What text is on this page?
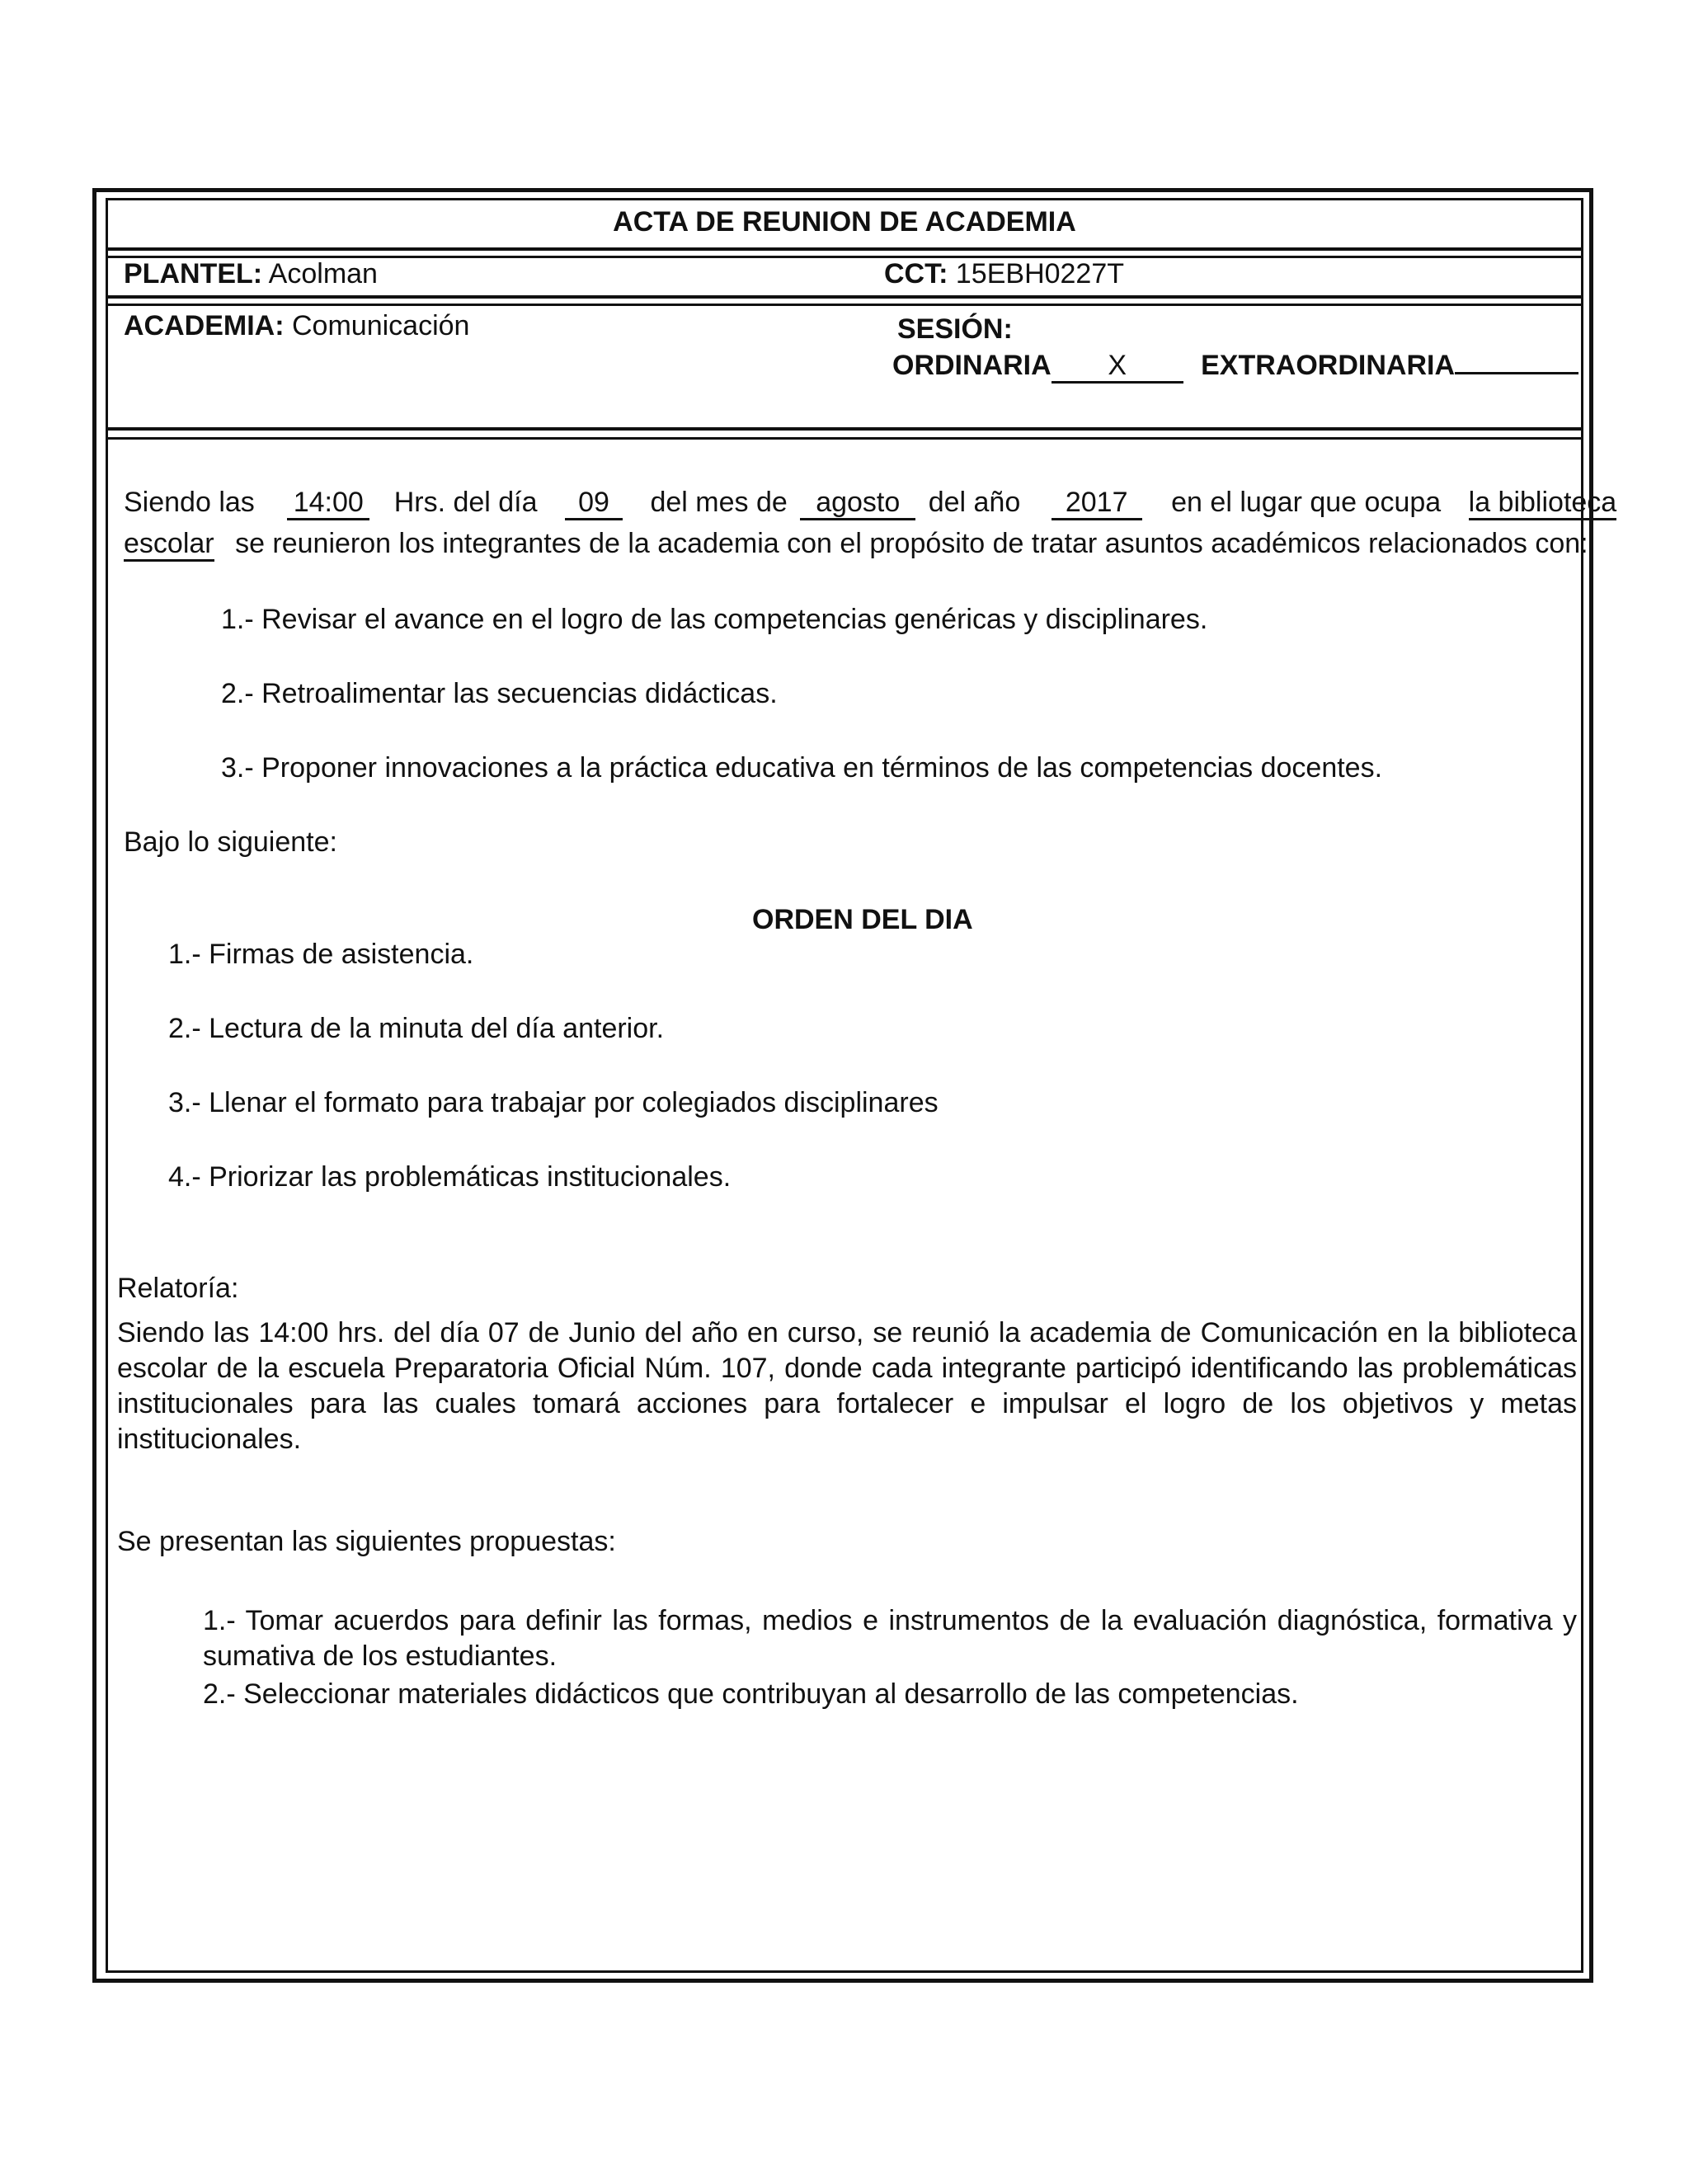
ACTA DE REUNION DE ACADEMIA
PLANTEL: Acolman	CCT: 15EBH0227T
ACADEMIA: Comunicación	SESIÓN:
ORDINARIA X	EXTRAORDINARIA
Siendo las 14:00 Hrs. del día 09 del mes de agosto del año 2017 en el lugar que ocupa la biblioteca
escolar se reunieron los integrantes de la academia con el propósito de tratar asuntos académicos relacionados con:
1.- Revisar el avance en el logro de las competencias genéricas y disciplinares.
2.- Retroalimentar las secuencias didácticas.
3.- Proponer innovaciones a la práctica educativa en términos de las competencias docentes.
Bajo lo siguiente:
ORDEN DEL DIA
1.- Firmas de asistencia.
2.- Lectura de la minuta del día anterior.
3.- Llenar el formato para trabajar por colegiados disciplinares
4.- Priorizar las problemáticas institucionales.
Relatoría:
Siendo las 14:00 hrs. del día 07 de Junio del año en curso, se reunió la academia de Comunicación en la biblioteca escolar de la escuela Preparatoria Oficial Núm. 107, donde cada integrante participó identificando las problemáticas institucionales para las cuales tomará acciones para fortalecer e impulsar el logro de los objetivos y metas institucionales.
Se presentan las siguientes propuestas:
1.- Tomar acuerdos para definir las formas, medios e instrumentos de la evaluación diagnóstica, formativa y sumativa de los estudiantes.
2.- Seleccionar materiales didácticos que contribuyan al desarrollo de las competencias.
